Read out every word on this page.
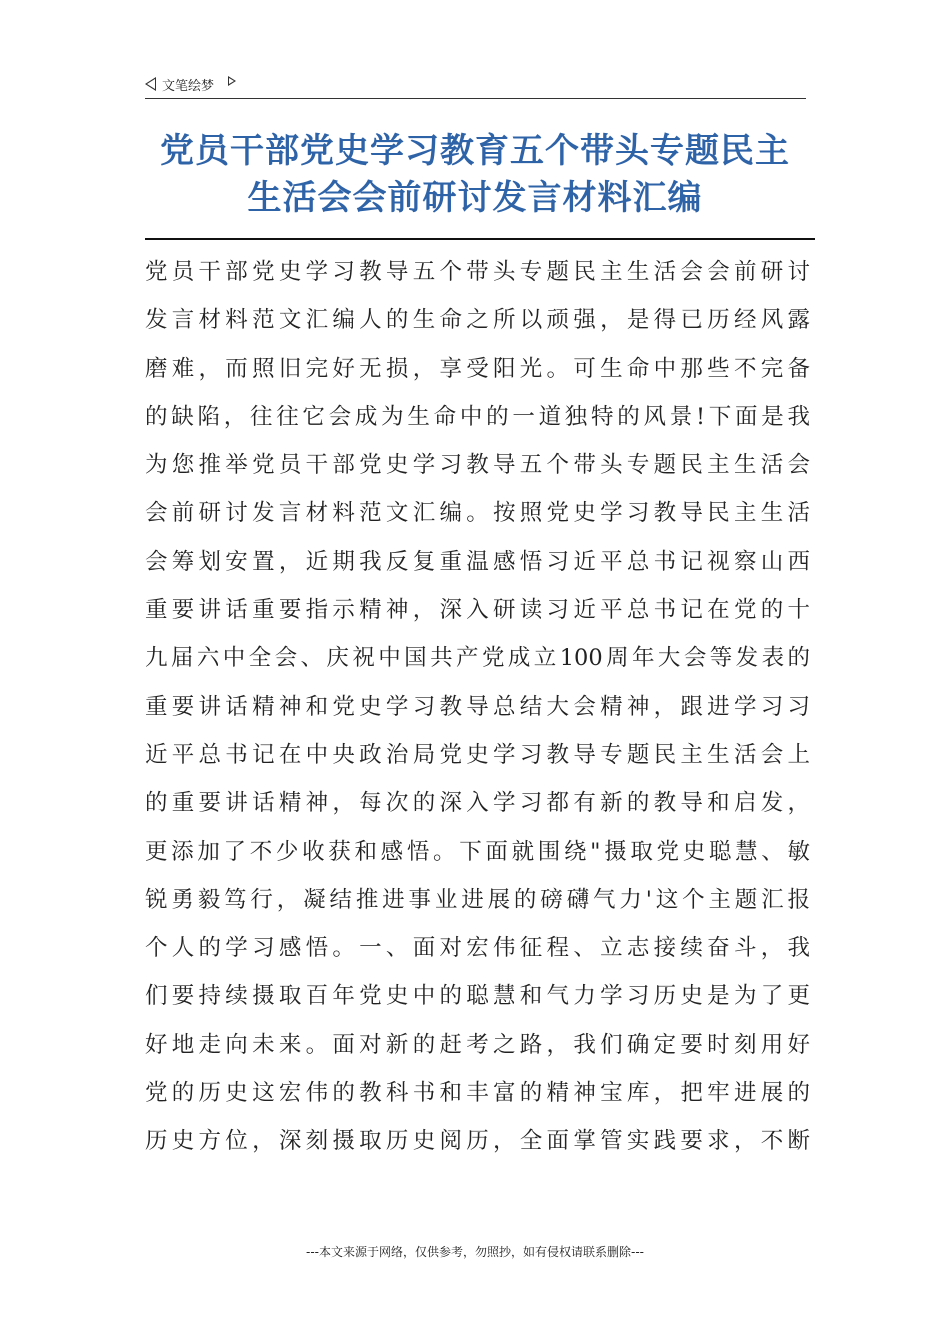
文笔绘梦
党员干部党史学习教育五个带头专题民主
生活会会前研讨发言材料汇编
党员干部党史学习教导五个带头专题民主生活会会前研讨
发言材料范文汇编人的生命之所以顽强，是得已历经风露
磨难，而照旧完好无损，享受阳光。可生命中那些不完备
的缺陷，往往它会成为生命中的一道独特的风景!下面是我
为您推举党员干部党史学习教导五个带头专题民主生活会
会前研讨发言材料范文汇编。按照党史学习教导民主生活
会筹划安置，近期我反复重温感悟习近平总书记视察山西
重要讲话重要指示精神，深入研读习近平总书记在党的十
九届六中全会、庆祝中国共产党成立100周年大会等发表的
重要讲话精神和党史学习教导总结大会精神，跟进学习习
近平总书记在中央政治局党史学习教导专题民主生活会上
的重要讲话精神，每次的深入学习都有新的教导和启发，
更添加了不少收获和感悟。下面就围绕"摄取党史聪慧、敏
锐勇毅笃行，凝结推进事业进展的磅礴气力'这个主题汇报
个人的学习感悟。一、面对宏伟征程、立志接续奋斗，我
们要持续摄取百年党史中的聪慧和气力学习历史是为了更
好地走向未来。面对新的赶考之路，我们确定要时刻用好
党的历史这宏伟的教科书和丰富的精神宝库，把牢进展的
历史方位，深刻摄取历史阅历，全面掌管实践要求，不断
---本文来源于网络，仅供参考，勿照抄，如有侵权请联系删除---
